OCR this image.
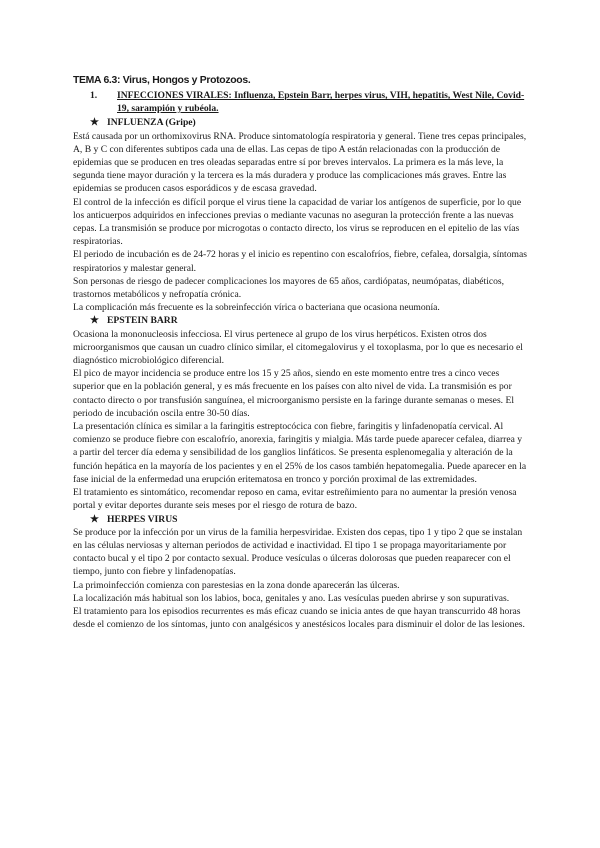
TEMA 6.3: Virus, Hongos y Protozoos.
1.	INFECCIONES VIRALES: Influenza, Epstein Barr, herpes virus, VIH, hepatitis, West Nile, Covid-19, sarampión y rubéola.
★ INFLUENZA (Gripe)

Está causada por un orthomixovirus RNA. Produce sintomatología respiratoria y general. Tiene tres cepas principales, A, B y C con diferentes subtipos cada una de ellas. Las cepas de tipo A están relacionadas con la producción de epidemias que se producen en tres oleadas separadas entre sí por breves intervalos. La primera es la más leve, la segunda tiene mayor duración y la tercera es la más duradera y produce las complicaciones más graves. Entre las epidemias se producen casos esporádicos y de escasa gravedad.

El control de la infección es difícil porque el virus tiene la capacidad de variar los antígenos de superficie, por lo que los anticuerpos adquiridos en infecciones previas o mediante vacunas no aseguran la protección frente a las nuevas cepas. La transmisión se produce por microgotas o contacto directo, los virus se reproducen en el epitelio de las vías respiratorias.

El periodo de incubación es de 24-72 horas y el inicio es repentino con escalofríos, fiebre, cefalea, dorsalgia, síntomas respiratorios y malestar general.

Son personas de riesgo de padecer complicaciones los mayores de 65 años, cardiópatas, neumópatas, diabéticos, trastornos metabólicos y nefropatía crónica.

La complicación más frecuente es la sobreinfección vírica o bacteriana que ocasiona neumonía.

★ EPSTEIN BARR

Ocasiona la mononucleosis infecciosa. El virus pertenece al grupo de los virus herpéticos. Existen otros dos microorganismos que causan un cuadro clínico similar, el citomegalovirus y el toxoplasma, por lo que es necesario el diagnóstico microbiológico diferencial.

El pico de mayor incidencia se produce entre los 15 y 25 años, siendo en este momento entre tres a cinco veces superior que en la población general, y es más frecuente en los países con alto nivel de vida. La transmisión es por contacto directo o por transfusión sanguínea, el microorganismo persiste en la faringe durante semanas o meses. El periodo de incubación oscila entre 30-50 días.

La presentación clínica es similar a la faringitis estreptocócica con fiebre, faringitis y linfadenopatía cervical. Al comienzo se produce fiebre con escalofrío, anorexia, faringitis y mialgia. Más tarde puede aparecer cefalea, diarrea y a partir del tercer día edema y sensibilidad de los ganglios linfáticos. Se presenta esplenomegalia y alteración de la función hepática en la mayoría de los pacientes y en el 25% de los casos también hepatomegalia. Puede aparecer en la fase inicial de la enfermedad una erupción eritematosa en tronco y porción proximal de las extremidades.

El tratamiento es sintomático, recomendar reposo en cama, evitar estreñimiento para no aumentar la presión venosa portal y evitar deportes durante seis meses por el riesgo de rotura de bazo.

★ HERPES VIRUS

Se produce por la infección por un virus de la familia herpesviridae. Existen dos cepas, tipo 1 y tipo 2 que se instalan en las células nerviosas y alternan periodos de actividad e inactividad. El tipo 1 se propaga mayoritariamente por contacto bucal y el tipo 2 por contacto sexual. Produce vesículas o úlceras dolorosas que pueden reaparecer con el tiempo, junto con fiebre y linfadenopatías.

La primoinfección comienza con parestesias en la zona donde aparecerán las úlceras.

La localización más habitual son los labios, boca, genitales y ano. Las vesículas pueden abrirse y son supurativas.

El tratamiento para los episodios recurrentes es más eficaz cuando se inicia antes de que hayan transcurrido 48 horas desde el comienzo de los síntomas, junto con analgésicos y anestésicos locales para disminuir el dolor de las lesiones.
